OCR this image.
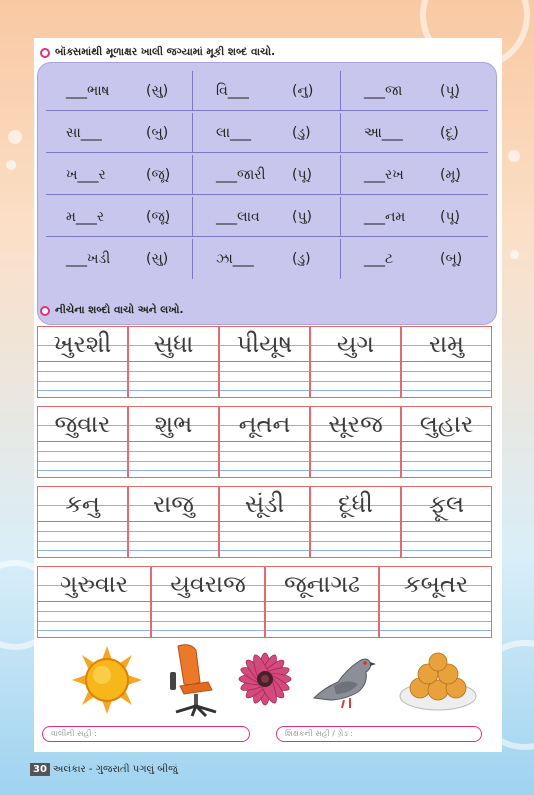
બૉક્સમાંથી મૂળાક્ષર ખાલી જગ્યામાં મૂકી શબ્દ વાચો.
___ભાષ	(સુ)	વિ___	(નુ)	___જા	(પૂ)
સા___	(બુ)	લા___	(ડુ)	આ___	(દૂ)
ખ___ર	(જૂ)	___જારી (પૂ)	___રખ	(મૂ)
મ___ર	(જૂ)	___લાવ (પુ)	___નમ (પૂ)
___ખડી	(સુ)	ઝા___	(ડુ)	___ટ	(બૂ)
નીચેના શબ્દો વાચો અને લખો.
ખુરશી	સુધા	પીયૂષ	યુગ	રામુ
જુવાર	શુભ	નૂતન	સૂરજ	લુહાર
કનુ	રાજુ	સૂંડી	દૂધી	ફૂલ
ગુરુવાર	યુવરાજ	જૂનાગઢ	કબૂતર
વાલીની સહી :	શિક્ષકની સહી / ગ્રેડ :
30 અલંકાર - ગુજરાતી પગલું બીજું
